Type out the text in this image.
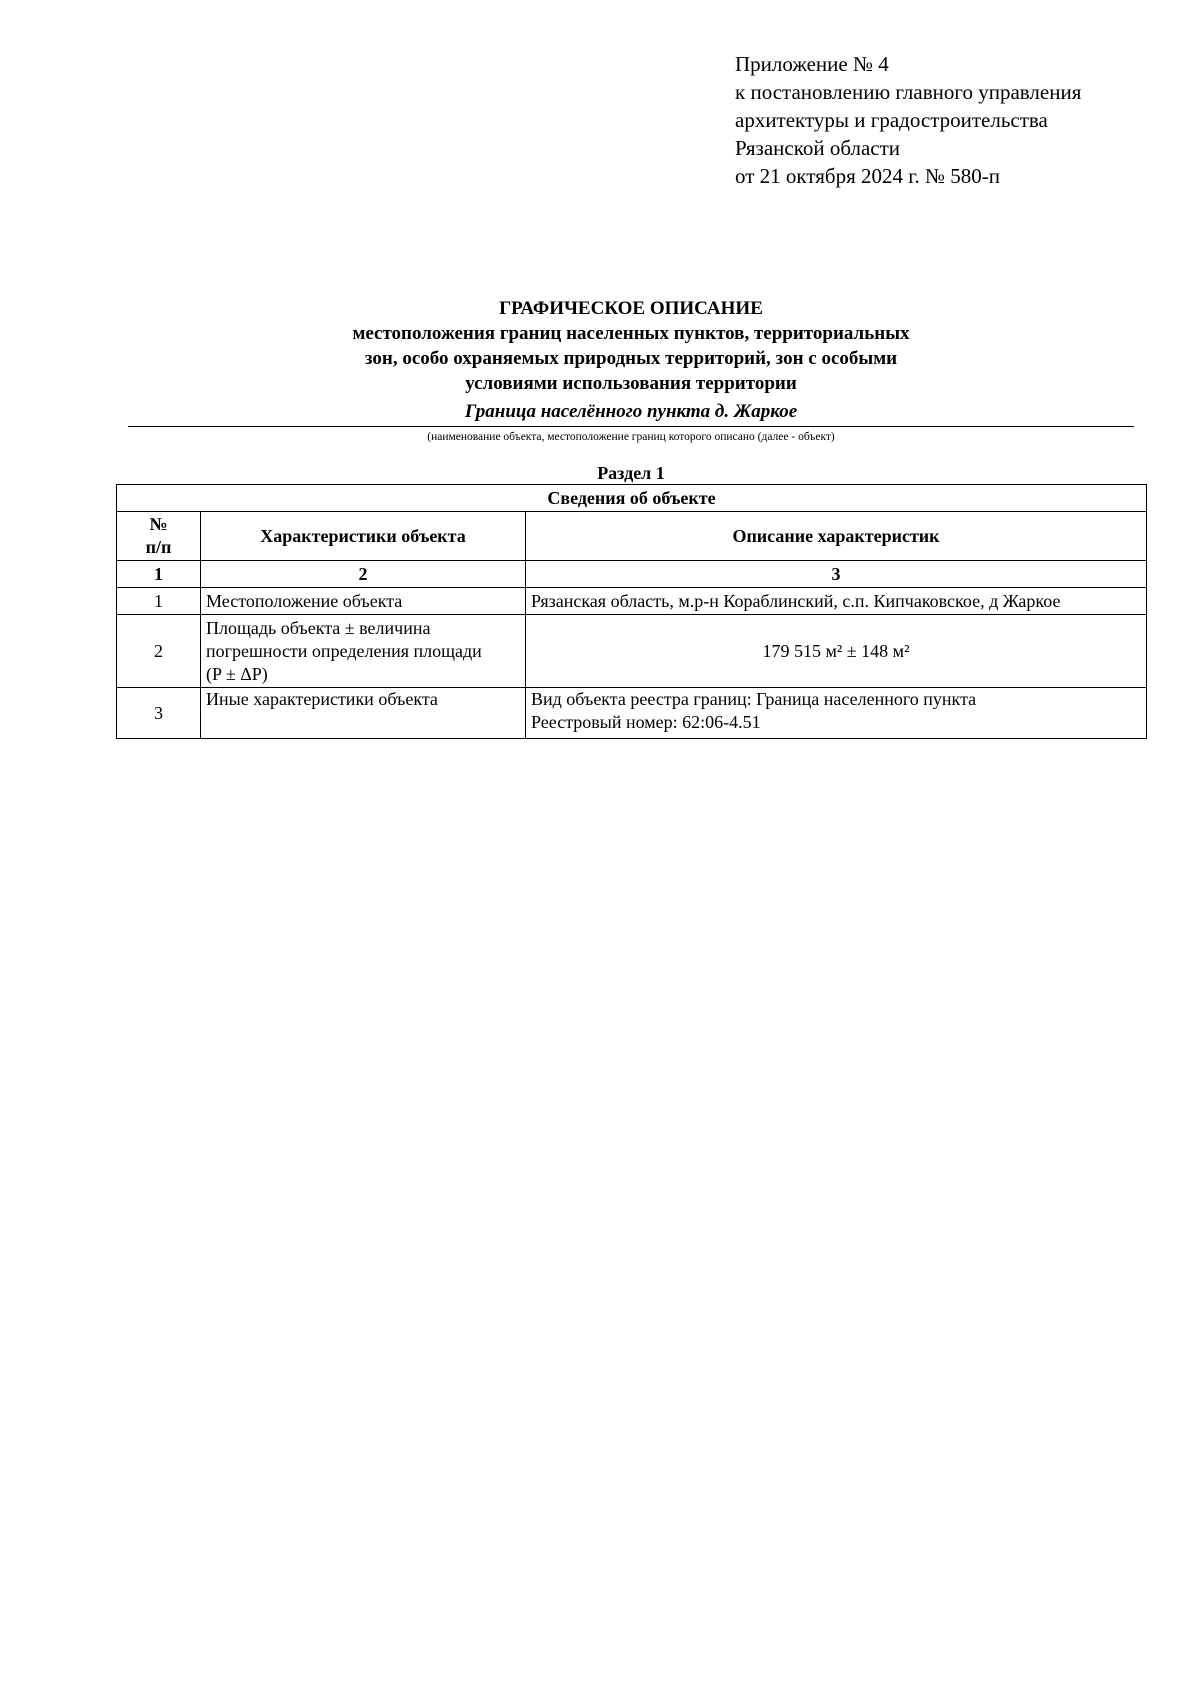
Приложение № 4
к постановлению главного управления
архитектуры и градостроительства
Рязанской области
от 21 октября 2024 г. № 580-п
ГРАФИЧЕСКОЕ ОПИСАНИЕ
местоположения границ населенных пунктов, территориальных
зон, особо охраняемых природных территорий, зон с особыми
условиями использования территории
Граница населённого пункта д. Жаркое
(наименование объекта, местоположение границ которого описано (далее - объект)
Раздел 1
Сведения об объекте		

№
п/п	Характеристики объекта	Описание характеристик
1	2	3
1	Местоположение объекта	Рязанская область, м.р-н Кораблинский, с.п. Кипчаковское, д Жаркое

2	Площадь объекта ± величина
погрешности определения площади
(P ± ΔP)	179 515 м² ± 148 м²

3	Иные характеристики объекта	Вид объекта реестра границ: Граница населенного пункта
Реестровый номер: 62:06-4.51
